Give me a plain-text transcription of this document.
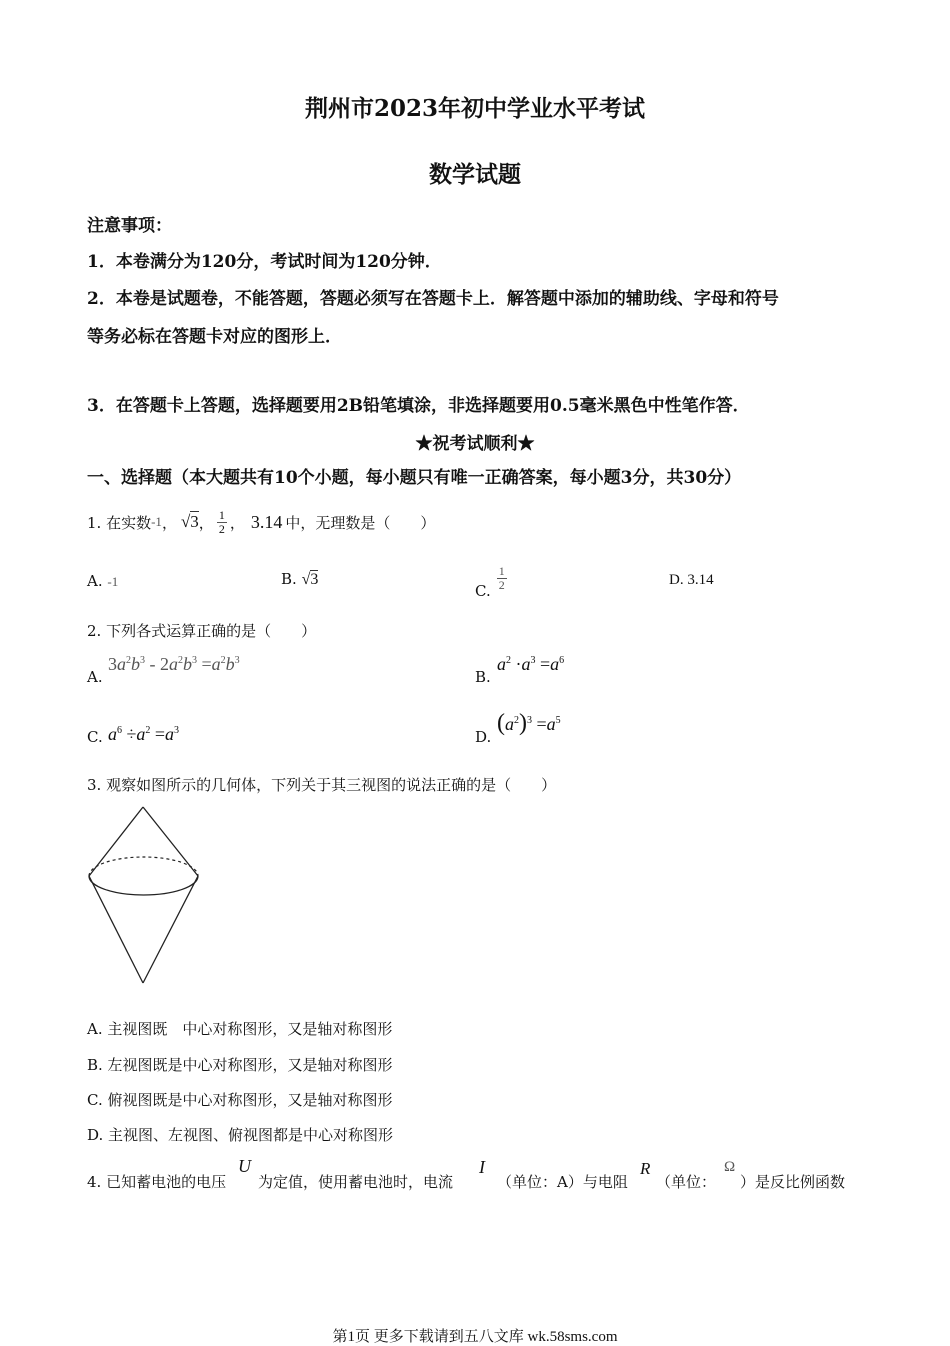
荆州市2023年初中学业水平考试
数学试题
注意事项：
1．本卷满分为120分，考试时间为120分钟．
2．本卷是试题卷，不能答题，答题必须写在答题卡上．解答题中添加的辅助线、字母和符号
等务必标在答题卡对应的图形上．
3．在答题卡上答题，选择题要用2B铅笔填涂，非选择题要用0.5毫米黑色中性笔作答．
★祝考试顺利★
一、选择题（本大题共有10个小题，每小题只有唯一正确答案，每小题3分，共30分）
1. 在实数 -1 ， √3 ， $\frac{1}{2}$ ， 3.14 中，无理数是（　　）
A. -1	B. √3
C. $\frac{1}{2}$	D. 3.14
2. 下列各式运算正确的是（　　）
A.
$3a^2b^3 - 2a^2b^3 =a^2b^3$
B.
$a^2 \cdot a^3 =a^6$
C. $a^6 \div a^2 =a^3$	D.
$(a^2)^3 =a^5$
3. 观察如图所示的几何体，下列关于其三视图的说法正确的是（　　）
A. 主视图既　中心对称图形，又是轴对称图形
B. 左视图既是中心对称图形，又是轴对称图形
C. 俯视图既是中心对称图形，又是轴对称图形
D. 主视图、左视图、俯视图都是中心对称图形
4. 已知蓄电池的电压
U
为定值，使用蓄电池时，电流
I
（单位：A）与电阻
R
（单位：
Ω
）是反比例函数
第1页 更多下载请到五八文库 wk.58sms.com
